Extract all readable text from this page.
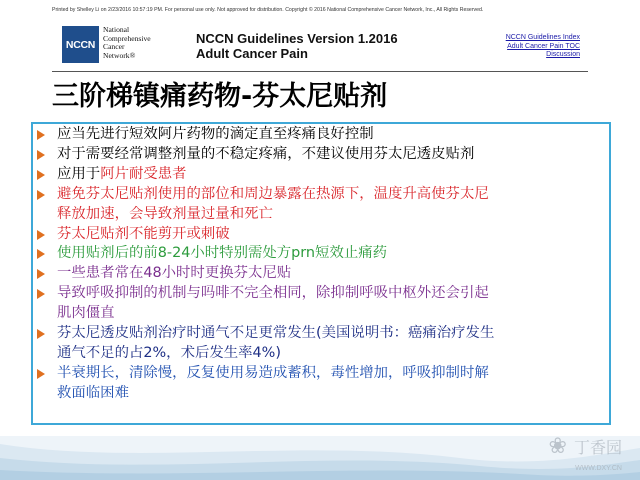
Printed by Shelley Li on 2/23/2016 10:57:19 PM. For personal use only. Not approved for distribution. Copyright © 2016 National Comprehensive Cancer Network, Inc., All Rights Reserved.
NCCN
National
Comprehensive
Cancer
Network®
NCCN Guidelines Version 1.2016
Adult Cancer Pain
NCCN Guidelines Index
Adult Cancer Pain TOC
Discussion
三阶梯镇痛药物-芬太尼贴剂
应当先进行短效阿片药物的滴定直至疼痛良好控制
对于需要经常调整剂量的不稳定疼痛，不建议使用芬太尼透皮贴剂
应用于阿片耐受患者
避免芬太尼贴剂使用的部位和周边暴露在热源下，温度升高使芬太尼
释放加速，会导致剂量过量和死亡
芬太尼贴剂不能剪开或刺破
使用贴剂后的前8-24小时特别需处方prn短效止痛药
一些患者常在48小时时更换芬太尼贴
导致呼吸抑制的机制与吗啡不完全相同，除抑制呼吸中枢外还会引起
肌肉僵直
芬太尼透皮贴剂治疗时通气不足更常发生(美国说明书：癌痛治疗发生
通气不足的占2%，术后发生率4%)
半衰期长，清除慢，反复使用易造成蓄积，毒性增加，呼吸抑制时解
救面临困难
❀ 丁香园
WWW.DXY.CN
